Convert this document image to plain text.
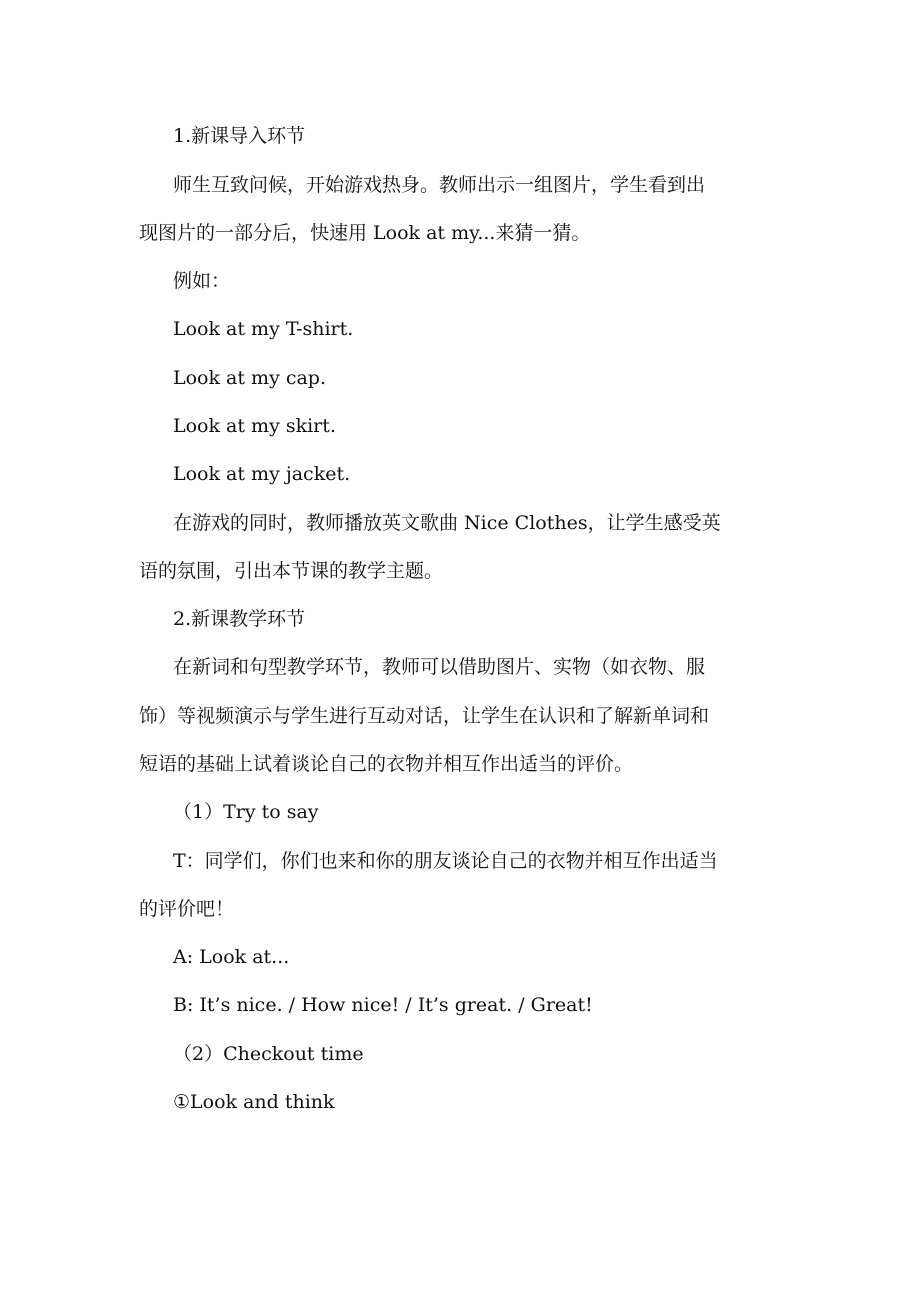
1.新课导入环节
师生互致问候，开始游戏热身。教师出示一组图片，学生看到出
现图片的一部分后，快速用 Look at my...来猜一猜。
例如：
Look at my T-shirt.
Look at my cap.
Look at my skirt.
Look at my jacket.
在游戏的同时，教师播放英文歌曲 Nice Clothes，让学生感受英
语的氛围，引出本节课的教学主题。
2.新课教学环节
在新词和句型教学环节，教师可以借助图片、实物（如衣物、服
饰）等视频演示与学生进行互动对话，让学生在认识和了解新单词和
短语的基础上试着谈论自己的衣物并相互作出适当的评价。
（1）Try to say
T：同学们，你们也来和你的朋友谈论自己的衣物并相互作出适当
的评价吧！
A: Look at...
B: It’s nice. / How nice! / It’s great. / Great!
（2）Checkout time
①Look and think
